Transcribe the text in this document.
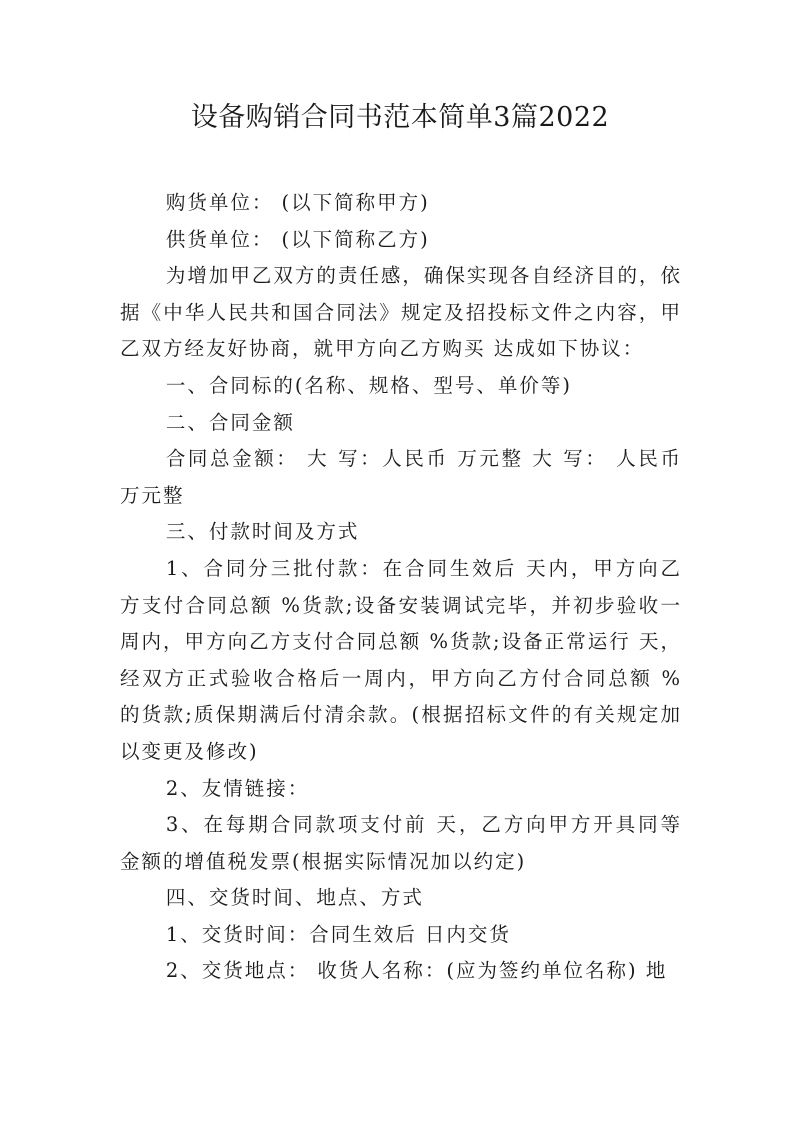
设备购销合同书范本简单3篇2022

购货单位： (以下简称甲方)

供货单位： (以下简称乙方)

为增加甲乙双方的责任感，确保实现各自经济目的，依据《中华人民共和国合同法》规定及招投标文件之内容，甲乙双方经友好协商，就甲方向乙方购买 达成如下协议：

一、合同标的(名称、规格、型号、单价等)

二、合同金额

合同总金额： 大 写：人民币 万元整 大 写： 人民币万元整

三、付款时间及方式

1、合同分三批付款：在合同生效后 天内，甲方向乙方支付合同总额 %货款;设备安装调试完毕，并初步验收一周内，甲方向乙方支付合同总额 %货款;设备正常运行 天，经双方正式验收合格后一周内，甲方向乙方付合同总额 %的货款;质保期满后付清余款。(根据招标文件的有关规定加以变更及修改)

2、友情链接：

3、在每期合同款项支付前 天，乙方向甲方开具同等金额的增值税发票(根据实际情况加以约定)

四、交货时间、地点、方式

1、交货时间：合同生效后 日内交货

2、交货地点： 收货人名称：(应为签约单位名称) 地
